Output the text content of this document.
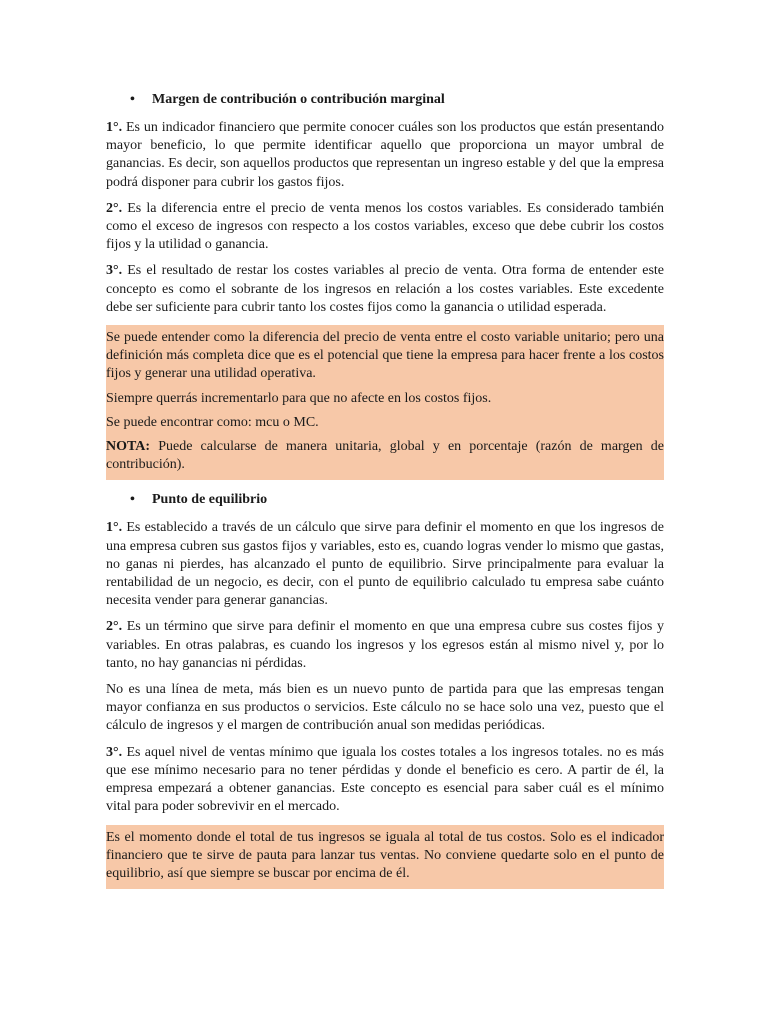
•	Margen de contribución o contribución marginal

1°. Es un indicador financiero que permite conocer cuáles son los productos que están presentando mayor beneficio, lo que permite identificar aquello que proporciona un mayor umbral de ganancias. Es decir, son aquellos productos que representan un ingreso estable y del que la empresa podrá disponer para cubrir los gastos fijos.

2°. Es la diferencia entre el precio de venta menos los costos variables. Es considerado también como el exceso de ingresos con respecto a los costos variables, exceso que debe cubrir los costos fijos y la utilidad o ganancia.

3°. Es el resultado de restar los costes variables al precio de venta. Otra forma de entender este concepto es como el sobrante de los ingresos en relación a los costes variables. Este excedente debe ser suficiente para cubrir tanto los costes fijos como la ganancia o utilidad esperada.

Se puede entender como la diferencia del precio de venta entre el costo variable unitario; pero una definición más completa dice que es el potencial que tiene la empresa para hacer frente a los costos fijos y generar una utilidad operativa.

Siempre querrás incrementarlo para que no afecte en los costos fijos.

Se puede encontrar como: mcu o MC.

NOTA: Puede calcularse de manera unitaria, global y en porcentaje (razón de margen de contribución).

•	Punto de equilibrio

1°. Es establecido a través de un cálculo que sirve para definir el momento en que los ingresos de una empresa cubren sus gastos fijos y variables, esto es, cuando logras vender lo mismo que gastas, no ganas ni pierdes, has alcanzado el punto de equilibrio. Sirve principalmente para evaluar la rentabilidad de un negocio, es decir, con el punto de equilibrio calculado tu empresa sabe cuánto necesita vender para generar ganancias.

2°. Es un término que sirve para definir el momento en que una empresa cubre sus costes fijos y variables. En otras palabras, es cuando los ingresos y los egresos están al mismo nivel y, por lo tanto, no hay ganancias ni pérdidas.

No es una línea de meta, más bien es un nuevo punto de partida para que las empresas tengan mayor confianza en sus productos o servicios. Este cálculo no se hace solo una vez, puesto que el cálculo de ingresos y el margen de contribución anual son medidas periódicas.

3°. Es aquel nivel de ventas mínimo que iguala los costes totales a los ingresos totales. no es más que ese mínimo necesario para no tener pérdidas y donde el beneficio es cero. A partir de él, la empresa empezará a obtener ganancias. Este concepto es esencial para saber cuál es el mínimo vital para poder sobrevivir en el mercado.

Es el momento donde el total de tus ingresos se iguala al total de tus costos. Solo es el indicador financiero que te sirve de pauta para lanzar tus ventas. No conviene quedarte solo en el punto de equilibrio, así que siempre se buscar por encima de él.
